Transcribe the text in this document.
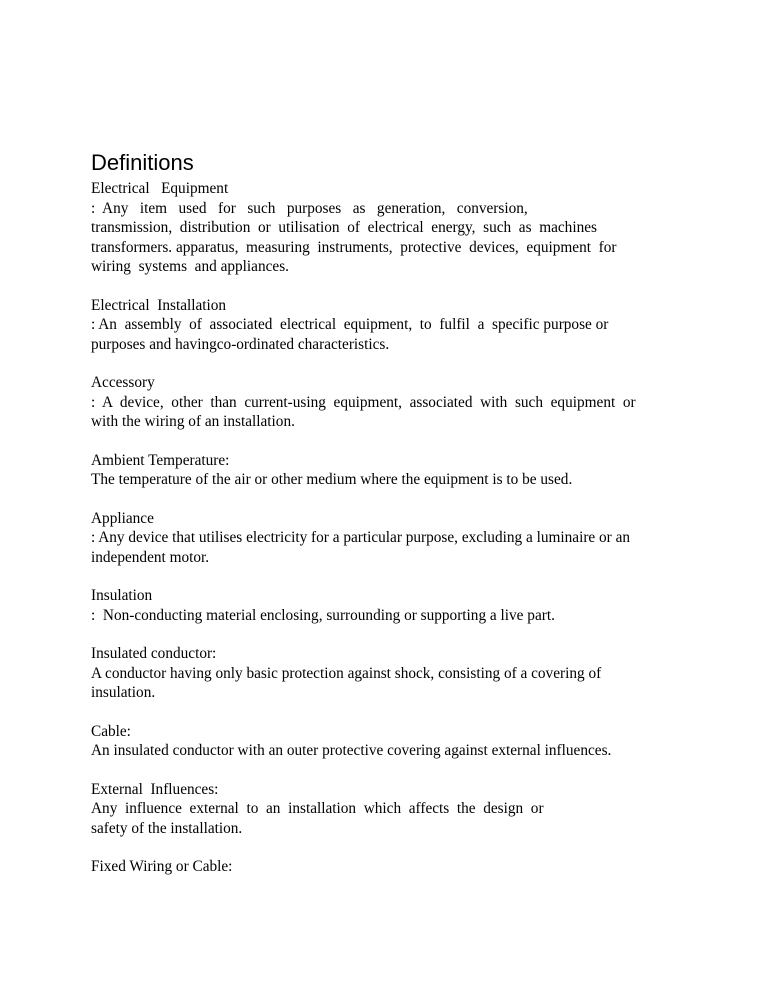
Definitions
Electrical   Equipment
:  Any   item   used   for   such   purposes   as   generation,   conversion,
transmission,  distribution  or  utilisation  of  electrical  energy,  such  as  machines
transformers. apparatus,  measuring  instruments,  protective  devices,  equipment  for
wiring  systems  and appliances.
Electrical  Installation
: An  assembly  of  associated  electrical  equipment,  to  fulfil  a  specific purpose or
purposes and havingco-ordinated characteristics.
Accessory
:  A  device,  other  than  current-using  equipment,  associated  with  such  equipment  or
with the wiring of an installation.
Ambient Temperature:
The temperature of the air or other medium where the equipment is to be used.
Appliance
: Any device that utilises electricity for a particular purpose, excluding a luminaire or an
independent motor.
Insulation
:  Non-conducting material enclosing, surrounding or supporting a live part.
Insulated conductor:
A conductor having only basic protection against shock, consisting of a covering of
insulation.
Cable:
An insulated conductor with an outer protective covering against external influences.
External  Influences:
Any  influence  external  to  an  installation  which  affects  the  design  or
safety of the installation.
Fixed Wiring or Cable:
